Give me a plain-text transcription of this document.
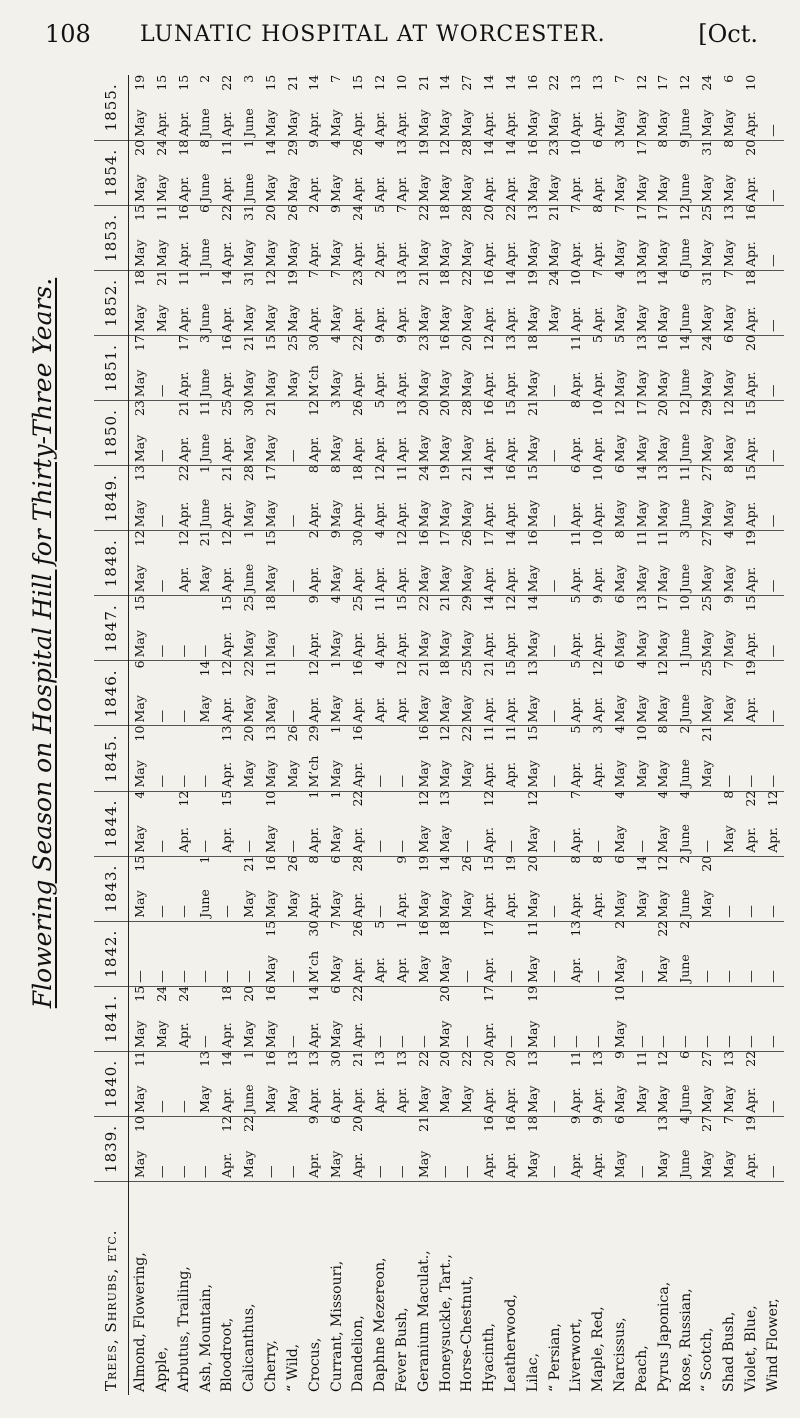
108 LUNATIC HOSPITAL AT WORCESTER.	[Oct.
Flowering Season on Hospital Hill for Thirty-Three Years.
Trees, Shrubs, etc.	1839.	1840.	1841.	1842.	1843.	1844.	1845.	1846.	1847.	1848.	1849.	1850.	1851.	1852.	1853.	1854.	1855.
Almond, Flowering,	May10	May11	May15	—	May15	May4	May10	May6	May15	May12	May13	May23	May17	May18	May15	May20	May19
Apple,	—	—	May24	—	—	—	—	—	—	—	—	—	—	May21	May11	May24	Apr.15
Arbutus, Trailing,	—	—	Apr.24	—	—	Apr.12	—	—	—	Apr.12	Apr.22	Apr.21	Apr.17	Apr.11	Apr.16	Apr.18	Apr.15
Ash, Mountain,	—	May13	—	—	June1	—	—	May14	—	May21	June1	June11	June3	June1	June6	June8	June2
Bloodroot,	Apr.12	Apr.14	Apr.18	—	—	Apr.15	Apr.13	Apr.12	Apr.15	Apr.12	Apr.21	Apr.25	Apr.16	Apr.14	Apr.22	Apr.11	Apr.22
Calicanthus,	May22	June1	May20	—	May21	—	May20	May22	May25	June1	May28	May30	May21	May31	May31	June1	June3
Cherry,	—	May16	May16	May15	May16	May10	May13	May11	May18	May15	May17	May21	May15	May12	May20	May14	May15
“ Wild,	—	May13	—	—	May26	—	May26	—	—	—	—	—	May25	May19	May26	May29	May21
Crocus,	Apr.9	Apr.13	Apr.14	M’ch30	Apr.8	Apr.1	M’ch29	Apr.12	Apr.9	Apr.2	Apr.8	Apr.12	M’ch30	Apr.7	Apr.2	Apr.9	Apr.14
Currant, Missouri,	May6	Apr.30	May6	May7	May6	May1	May1	May1	May4	May9	May8	May3	May4	May7	May9	May4	May7
Dandelion,	Apr.20	Apr.21	Apr.22	Apr.26	Apr.28	Apr.22	Apr.16	Apr.16	Apr.25	Apr.30	Apr.18	Apr.26	Apr.22	Apr.23	Apr.24	Apr.26	Apr.15
Daphne Mezereon,	—	Apr.13	—	Apr.5	—	—	—	Apr.4	Apr.11	Apr.4	Apr.12	Apr.5	Apr.9	Apr.2	Apr.5	Apr.4	Apr.12
Fever Bush,	—	Apr.13	—	Apr.1	Apr.9	—	—	Apr.12	Apr.15	Apr.12	Apr.11	Apr.13	Apr.9	Apr.13	Apr.7	Apr.13	Apr.10
Geranium Maculat.,	May21	May22	—	May16	May19	May12	May16	May21	May22	May16	May24	May20	May23	May21	May22	May19	May21
Honeysuckle, Tart.,	—	May20	May20	May18	May14	May13	May12	May18	May21	May17	May19	May20	May16	May18	May18	May12	May14
Horse-Chestnut,	—	May22	—	—	May26	—	May22	May25	May29	May26	May21	May28	May20	May22	May28	May28	May27
Hyacinth,	Apr.16	Apr.20	Apr.17	Apr.17	Apr.15	Apr.12	Apr.11	Apr.21	Apr.14	Apr.17	Apr.14	Apr.16	Apr.12	Apr.16	Apr.20	Apr.14	Apr.14
Leatherwood,	Apr.16	Apr.20	—	—	Apr.19	—	Apr.11	Apr.15	Apr.12	Apr.14	Apr.16	Apr.15	Apr.13	Apr.14	Apr.22	Apr.14	Apr.14
Lilac,	May18	May13	May19	May11	May20	May12	May15	May13	May14	May16	May15	May21	May18	May19	May13	May16	May16
“ Persian,	—	—	—	—	—	—	—	—	—	—	—	—	—	May24	May21	May23	May22
Liverwort,	Apr.9	Apr.11	—	Apr.13	Apr.8	Apr.7	Apr.5	Apr.5	Apr.5	Apr.11	Apr.6	Apr.8	Apr.11	Apr.10	Apr.7	Apr.10	Apr.13
Maple, Red,	Apr.9	Apr.13	—	—	Apr.8	—	Apr.3	Apr.12	Apr.9	Apr.10	Apr.10	Apr.10	Apr.5	Apr.7	Apr.8	Apr.6	Apr.13
Narcissus,	May6	May9	May10	May2	May6	May4	May4	May6	May6	May8	May6	May12	May5	May4	May7	May3	May7
Peach,	—	May11	—	—	May14	—	May10	May4	May13	May11	May14	May17	May13	May13	May17	May17	May12
Pyrus Japonica,	May13	May12	—	May22	May12	May4	May8	May12	May17	May11	May13	May20	May16	May14	May17	May8	May17
Rose, Russian,	June4	June6	—	June2	June2	June4	June2	June1	June10	June3	June11	June12	June14	June6	June12	June9	June12
“ Scotch,	May27	May27	—	—	May20	—	May21	May25	May25	May27	May27	May29	May24	May31	May25	May31	May24
Shad Bush,	May7	May13	—	—	—	May8	—	May7	May9	May4	May8	May12	May6	May7	May13	May8	May6
Violet, Blue,	Apr.19	Apr.22	—	—	—	Apr.22	—	Apr.19	Apr.15	Apr.19	Apr.15	Apr.15	Apr.20	Apr.18	Apr.16	Apr.20	Apr.10
Wind Flower,	—	—	—	—	—	Apr.12	—	—	—	—	—	—	—	—	—	—	—
